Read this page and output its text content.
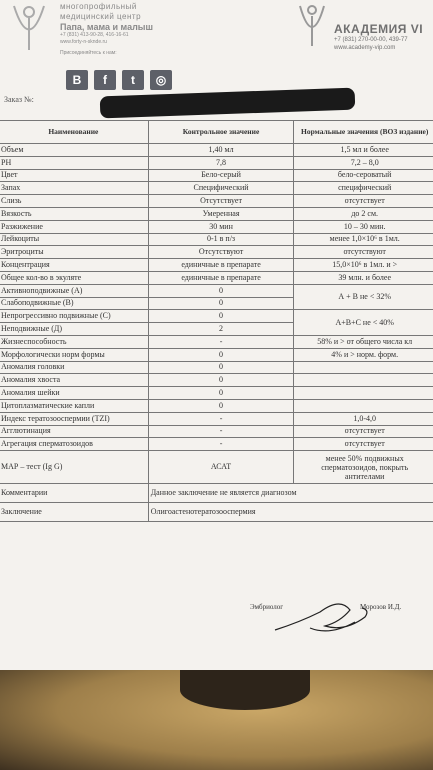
многопрофильный
медицинский центр
Папа, мама и малыш
+7 (831) 413-90-28, 416-16-61
www.forty-n-sknde.ru
Присоединяйтесь к нам:
В	f	t	◎
АКАДЕМИЯ VI
+7 (831) 270-00-00, 439-77
www.academy-vip.com
Заказ №:
Наименование	Контрольное значение	Нормальные значения (ВОЗ издание)
Объем	1,40 мл	1,5 мл и более
PH	7,8	7,2 – 8,0
Цвет	Бело-серый	бело-сероватый
Запах	Специфический	специфический
Слизь	Отсутствует	отсутствует
Вязкость	Умеренная	до 2 см.
Разжижение	30 мин	10 – 30 мин.
Лейкоциты	0-1 в п/з	менее 1,0×10⁶ в 1мл.
Эритроциты	Отсутствуют	отсутствуют
Концентрация	единичные в препарате	15,0×10⁶ в 1мл. и >
Общее кол-во в экуляте	единичные в препарате	39 млн. и более
Активноподвижные (А)	0	А + В не < 32%
Слабоподвижные (В)	0	
Непрогрессивно подвижные (С)	0	А+В+С не < 40%
Неподвижные (Д)	2	
Жизнеспособность	-	58% и > от общего числа кл
Морфологически норм формы	0	4% и > норм. форм.
Аномалия головки	0	
Аномалия хвоста	0	
Аномалия шейки	0	
Цитоплазматические капли	0	
Индекс тератозооспермии (TZI)	-	1,0-4,0
Агглютинация	-	отсутствует
Агрегация сперматозоидов	-	отсутствует
МАР – тест (Ig G)	АСАТ	менее 50% подвижных
сперматозоидов, покрыть
антителами

Комментарии	Данное заключение не является диагнозом	
Заключение	Олигоастенотератозооспермия	
Эмбриолог	Морозов И.Д.
